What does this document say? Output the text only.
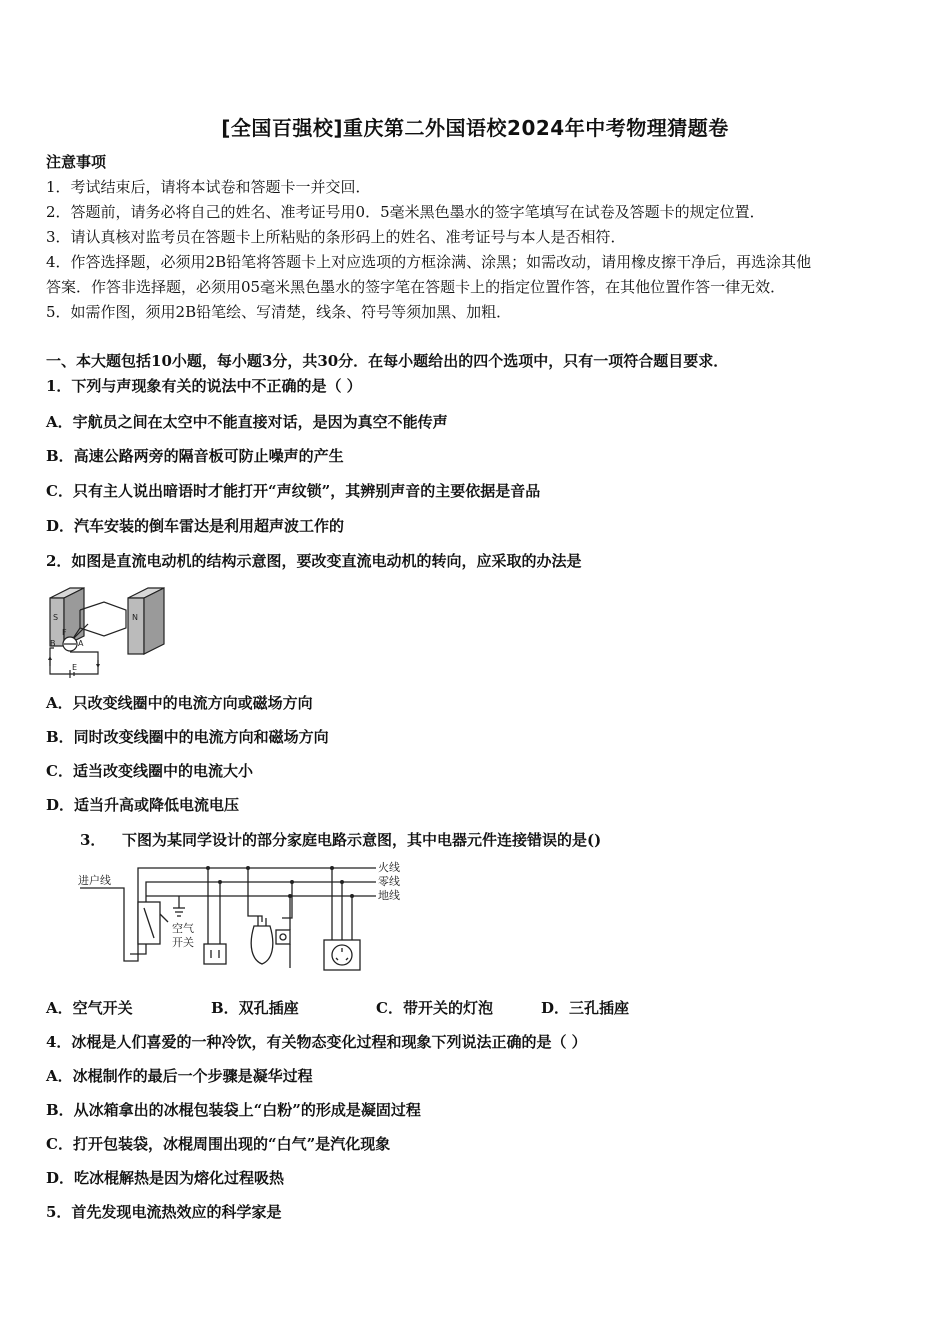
[全国百强校]重庆第二外国语校2024年中考物理猜题卷
注意事项
1．考试结束后，请将本试卷和答题卡一并交回．
2．答题前，请务必将自己的姓名、准考证号用0．5毫米黑色墨水的签字笔填写在试卷及答题卡的规定位置．
3．请认真核对监考员在答题卡上所粘贴的条形码上的姓名、准考证号与本人是否相符．
4．作答选择题，必须用2B铅笔将答题卡上对应选项的方框涂满、涂黑；如需改动，请用橡皮擦干净后，再选涂其他
答案．作答非选择题，必须用05毫米黑色墨水的签字笔在答题卡上的指定位置作答，在其他位置作答一律无效．
5．如需作图，须用2B铅笔绘、写清楚，线条、符号等须加黑、加粗．
一、本大题包括10小题，每小题3分，共30分．在每小题给出的四个选项中，只有一项符合题目要求．
1．下列与声现象有关的说法中不正确的是（ ）
A．宇航员之间在太空中不能直接对话，是因为真空不能传声
B．高速公路两旁的隔音板可防止噪声的产生
C．只有主人说出暗语时才能打开“声纹锁”，其辨别声音的主要依据是音品
D．汽车安装的倒车雷达是利用超声波工作的
2．如图是直流电动机的结构示意图，要改变直流电动机的转向，应采取的办法是
S	N
B
F
A
E
A．只改变线圈中的电流方向或磁场方向
B．同时改变线圈中的电流方向和磁场方向
C．适当改变线圈中的电流大小
D．适当升高或降低电流电压
3． 下图为某同学设计的部分家庭电路示意图，其中电器元件连接错误的是()
火线
零线
地线
进户线
空气
开关
A．空气开关	B．双孔插座	C．带开关的灯泡	D．三孔插座
4．冰棍是人们喜爱的一种冷饮，有关物态变化过程和现象下列说法正确的是（ ）
A．冰棍制作的最后一个步骤是凝华过程
B．从冰箱拿出的冰棍包装袋上“白粉”的形成是凝固过程
C．打开包装袋，冰棍周围出现的“白气”是汽化现象
D．吃冰棍解热是因为熔化过程吸热
5．首先发现电流热效应的科学家是
